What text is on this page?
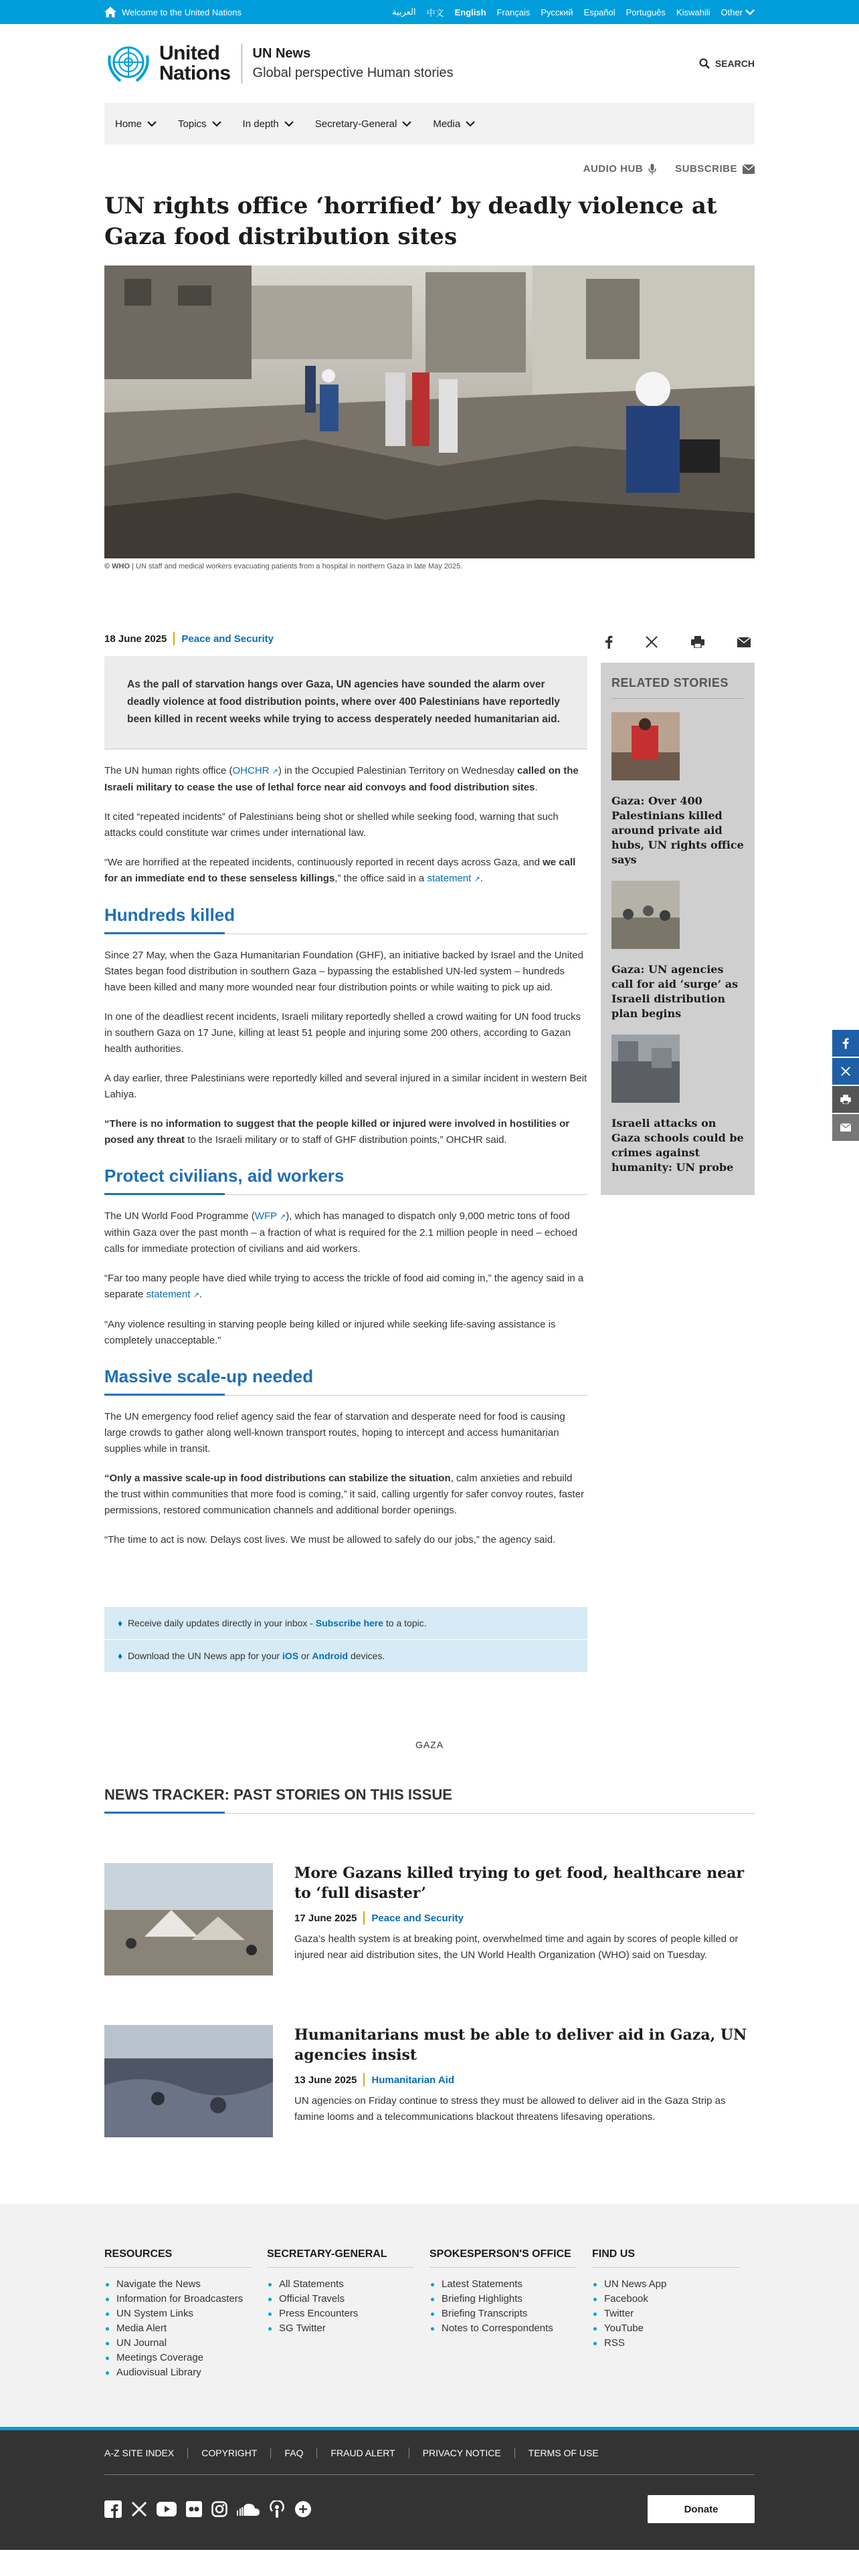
Welcome to the United Nations	العربية 中文 English Français Русский Español Português Kiswahili Other
United
Nations
UN News
Global perspective Human stories
SEARCH
Home	Topics	In depth	Secretary-General	Media
AUDIO HUB	SUBSCRIBE
UN rights office ‘horrified’ by deadly violence at Gaza food distribution sites
© WHO | UN staff and medical workers evacuating patients from a hospital in northern Gaza in late May 2025.
18 June 2025 Peace and Security
As the pall of starvation hangs over Gaza, UN agencies have sounded the alarm over deadly violence at food distribution points, where over 400 Palestinians have reportedly been killed in recent weeks while trying to access desperately needed humanitarian aid.

The UN human rights office (OHCHR ↗) in the Occupied Palestinian Territory on Wednesday called on the Israeli military to cease the use of lethal force near aid convoys and food distribution sites.

It cited “repeated incidents” of Palestinians being shot or shelled while seeking food, warning that such attacks could constitute war crimes under international law.

“We are horrified at the repeated incidents, continuously reported in recent days across Gaza, and we call for an immediate end to these senseless killings,” the office said in a statement ↗.

Hundreds killed

Since 27 May, when the Gaza Humanitarian Foundation (GHF), an initiative backed by Israel and the United States began food distribution in southern Gaza – bypassing the established UN-led system – hundreds have been killed and many more wounded near four distribution points or while waiting to pick up aid.

In one of the deadliest recent incidents, Israeli military reportedly shelled a crowd waiting for UN food trucks in southern Gaza on 17 June, killing at least 51 people and injuring some 200 others, according to Gazan health authorities.

A day earlier, three Palestinians were reportedly killed and several injured in a similar incident in western Beit Lahiya.

“There is no information to suggest that the people killed or injured were involved in hostilities or posed any threat to the Israeli military or to staff of GHF distribution points,” OHCHR said.

Protect civilians, aid workers

The UN World Food Programme (WFP ↗), which has managed to dispatch only 9,000 metric tons of food within Gaza over the past month – a fraction of what is required for the 2.1 million people in need – echoed calls for immediate protection of civilians and aid workers.

“Far too many people have died while trying to access the trickle of food aid coming in,” the agency said in a separate statement ↗.

“Any violence resulting in starving people being killed or injured while seeking life-saving assistance is completely unacceptable.”

Massive scale-up needed

The UN emergency food relief agency said the fear of starvation and desperate need for food is causing large crowds to gather along well-known transport routes, hoping to intercept and access humanitarian supplies while in transit.

“Only a massive scale-up in food distributions can stabilize the situation, calm anxieties and rebuild the trust within communities that more food is coming,” it said, calling urgently for safer convoy routes, faster permissions, restored communication channels and additional border openings.

“The time to act is now. Delays cost lives. We must be allowed to safely do our jobs,” the agency said.

♦ Receive daily updates directly in your inbox - Subscribe here to a topic.
♦ Download the UN News app for your iOS or Android devices.
RELATED STORIES
Gaza: Over 400 Palestinians killed around private aid hubs, UN rights office says
Gaza: UN agencies call for aid ‘surge’ as Israeli distribution plan begins
Israeli attacks on Gaza schools could be crimes against humanity: UN probe
GAZA
NEWS TRACKER: PAST STORIES ON THIS ISSUE
More Gazans killed trying to get food, healthcare near to ‘full disaster’
17 June 2025 Peace and Security
Gaza’s health system is at breaking point, overwhelmed time and again by scores of people killed or injured near aid distribution sites, the UN World Health Organization (WHO) said on Tuesday.
Humanitarians must be able to deliver aid in Gaza, UN agencies insist
13 June 2025 Humanitarian Aid
UN agencies on Friday continue to stress they must be allowed to deliver aid in the Gaza Strip as famine looms and a telecommunications blackout threatens lifesaving operations.
RESOURCES
Navigate the News
Information for Broadcasters
UN System Links
Media Alert
UN Journal
Meetings Coverage
Audiovisual Library
SECRETARY-GENERAL
All Statements
Official Travels
Press Encounters
SG Twitter
SPOKESPERSON'S OFFICE
Latest Statements
Briefing Highlights
Briefing Transcripts
Notes to Correspondents
FIND US
UN News App
Facebook
Twitter
YouTube
RSS
A-Z SITE INDEX	COPYRIGHT	FAQ	FRAUD ALERT	PRIVACY NOTICE	TERMS OF USE
Donate
